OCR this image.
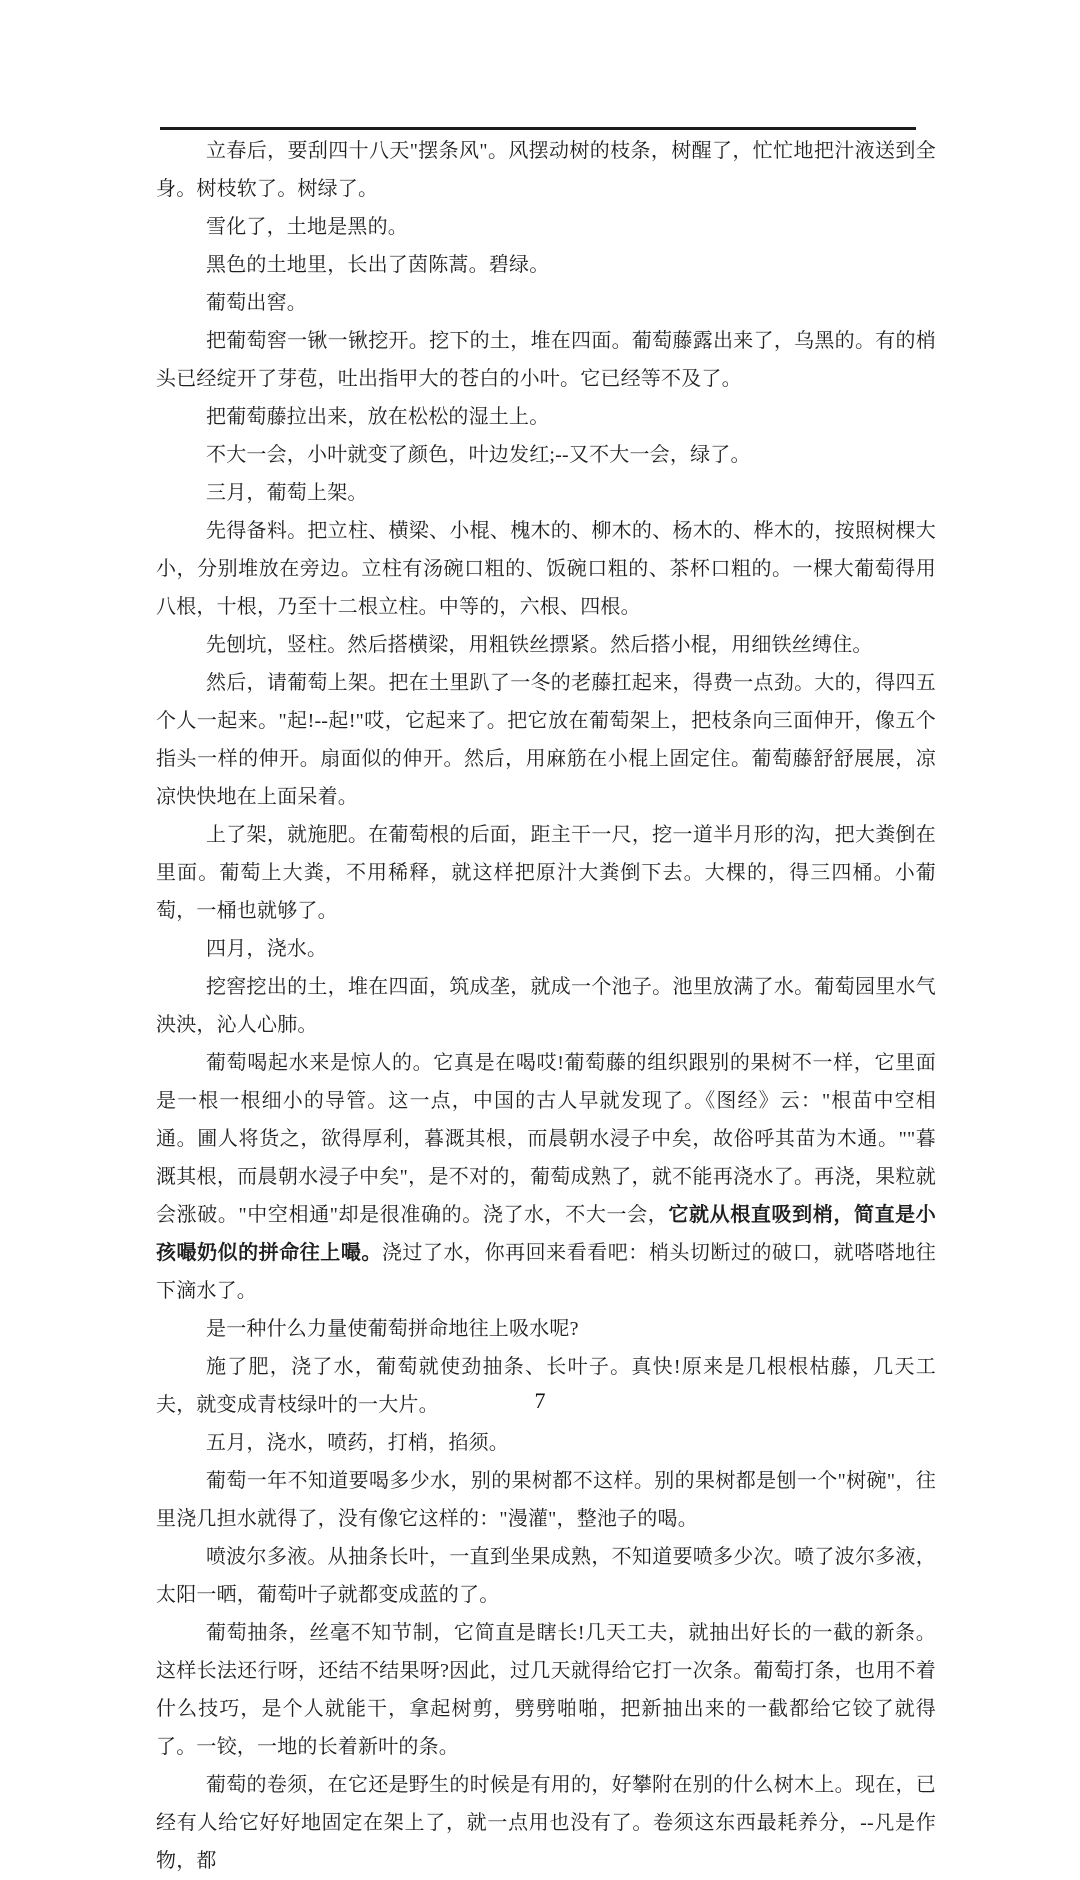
立春后，要刮四十八天"摆条风"。风摆动树的枝条，树醒了，忙忙地把汁液送到全身。树枝软了。树绿了。

雪化了，土地是黑的。

黑色的土地里，长出了茵陈蒿。碧绿。

葡萄出窖。

把葡萄窖一锹一锹挖开。挖下的土，堆在四面。葡萄藤露出来了，乌黑的。有的梢头已经绽开了芽苞，吐出指甲大的苍白的小叶。它已经等不及了。

把葡萄藤拉出来，放在松松的湿土上。

不大一会，小叶就变了颜色，叶边发红;--又不大一会，绿了。

三月，葡萄上架。

先得备料。把立柱、横梁、小棍、槐木的、柳木的、杨木的、桦木的，按照树棵大小，分别堆放在旁边。立柱有汤碗口粗的、饭碗口粗的、茶杯口粗的。一棵大葡萄得用八根，十根，乃至十二根立柱。中等的，六根、四根。

先刨坑，竖柱。然后搭横梁，用粗铁丝摽紧。然后搭小棍，用细铁丝缚住。

然后，请葡萄上架。把在土里趴了一冬的老藤扛起来，得费一点劲。大的，得四五个人一起来。"起!--起!"哎，它起来了。把它放在葡萄架上，把枝条向三面伸开，像五个指头一样的伸开。扇面似的伸开。然后，用麻筋在小棍上固定住。葡萄藤舒舒展展，凉凉快快地在上面呆着。

上了架，就施肥。在葡萄根的后面，距主干一尺，挖一道半月形的沟，把大粪倒在里面。葡萄上大粪，不用稀释，就这样把原汁大粪倒下去。大棵的，得三四桶。小葡萄，一桶也就够了。

四月，浇水。

挖窖挖出的土，堆在四面，筑成垄，就成一个池子。池里放满了水。葡萄园里水气泱泱，沁人心肺。

葡萄喝起水来是惊人的。它真是在喝哎!葡萄藤的组织跟别的果树不一样，它里面是一根一根细小的导管。这一点，中国的古人早就发现了。《图经》云："根苗中空相通。圃人将货之，欲得厚利，暮溉其根，而晨朝水浸子中矣，故俗呼其苗为木通。""暮溉其根，而晨朝水浸子中矣"，是不对的，葡萄成熟了，就不能再浇水了。再浇，果粒就会涨破。"中空相通"却是很准确的。浇了水，不大一会，它就从根直吸到梢，简直是小孩嘬奶似的拼命往上嘬。浇过了水，你再回来看看吧：梢头切断过的破口，就嗒嗒地往下滴水了。

是一种什么力量使葡萄拼命地往上吸水呢?

施了肥，浇了水，葡萄就使劲抽条、长叶子。真快!原来是几根根枯藤，几天工夫，就变成青枝绿叶的一大片。

五月，浇水，喷药，打梢，掐须。

葡萄一年不知道要喝多少水，别的果树都不这样。别的果树都是刨一个"树碗"，往里浇几担水就得了，没有像它这样的："漫灌"，整池子的喝。

喷波尔多液。从抽条长叶，一直到坐果成熟，不知道要喷多少次。喷了波尔多液，太阳一晒，葡萄叶子就都变成蓝的了。

葡萄抽条，丝毫不知节制，它简直是瞎长!几天工夫，就抽出好长的一截的新条。这样长法还行呀，还结不结果呀?因此，过几天就得给它打一次条。葡萄打条，也用不着什么技巧，是个人就能干，拿起树剪，劈劈啪啪，把新抽出来的一截都给它铰了就得了。一铰，一地的长着新叶的条。

葡萄的卷须，在它还是野生的时候是有用的，好攀附在别的什么树木上。现在，已经有人给它好好地固定在架上了，就一点用也没有了。卷须这东西最耗养分，--凡是作物，都

7
